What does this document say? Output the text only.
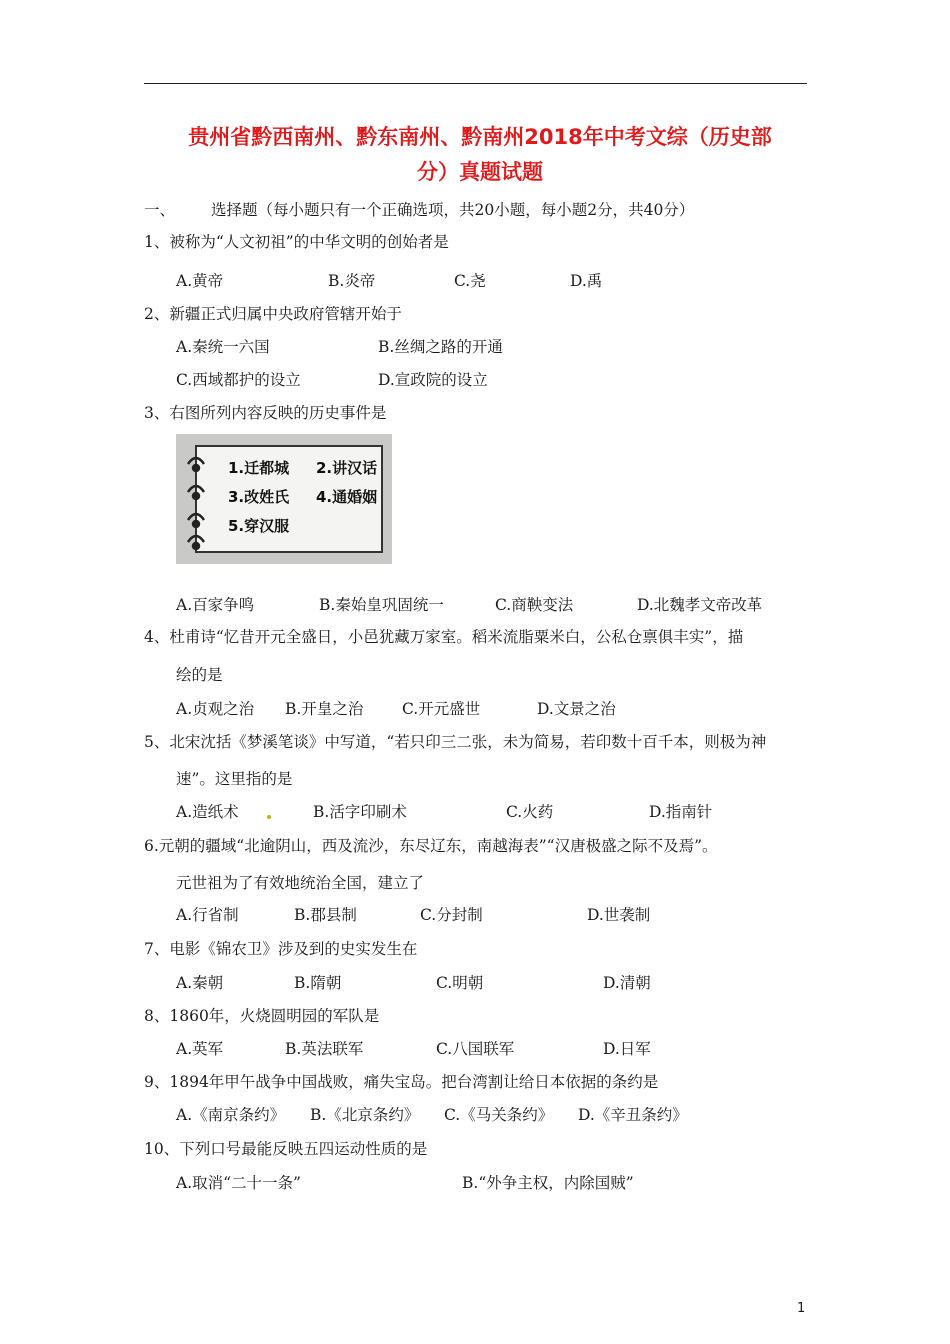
贵州省黔西南州、黔东南州、黔南州2018年中考文综（历史部
分）真题试题
一、 选择题（每小题只有一个正确选项，共20小题，每小题2分，共40分）
1、被称为“人文初祖”的中华文明的创始者是
A.黄帝	B.炎帝	C.尧	D.禹
2、新疆正式归属中央政府管辖开始于
A.秦统一六国	B.丝绸之路的开通
C.西域都护的设立	D.宣政院的设立
3、右图所列内容反映的历史事件是
1.迁都城 2.讲汉话
3.改姓氏 4.通婚姻
5.穿汉服
A.百家争鸣	B.秦始皇巩固统一	C.商鞅变法	D.北魏孝文帝改革
4、杜甫诗“忆昔开元全盛日，小邑犹藏万家室。稻米流脂粟米白，公私仓禀俱丰实”，描
绘的是
A.贞观之治 B.开皇之治 C.开元盛世	D.文景之治
5、北宋沈括《梦溪笔谈》中写道，“若只印三二张，未为简易，若印数十百千本，则极为神
速”。这里指的是
A.造纸术	B.活字印刷术	C.火药	D.指南针
6.元朝的疆域“北逾阴山，西及流沙，东尽辽东，南越海表”“汉唐极盛之际不及焉”。
元世祖为了有效地统治全国，建立了
A.行省制	B.郡县制	C.分封制	D.世袭制
7、电影《锦农卫》涉及到的史实发生在
A.秦朝	B.隋朝	C.明朝	D.清朝
8、1860年，火烧圆明园的军队是
A.英军	B.英法联军	C.八国联军	D.日军
9、1894年甲午战争中国战败，痛失宝岛。把台湾割让给日本依据的条约是
A.《南京条约》 B.《北京条约》 C.《马关条约》 D.《辛丑条约》
10、下列口号最能反映五四运动性质的是
A.取消“二十一条”	B.“外争主权，内除国贼”
1
